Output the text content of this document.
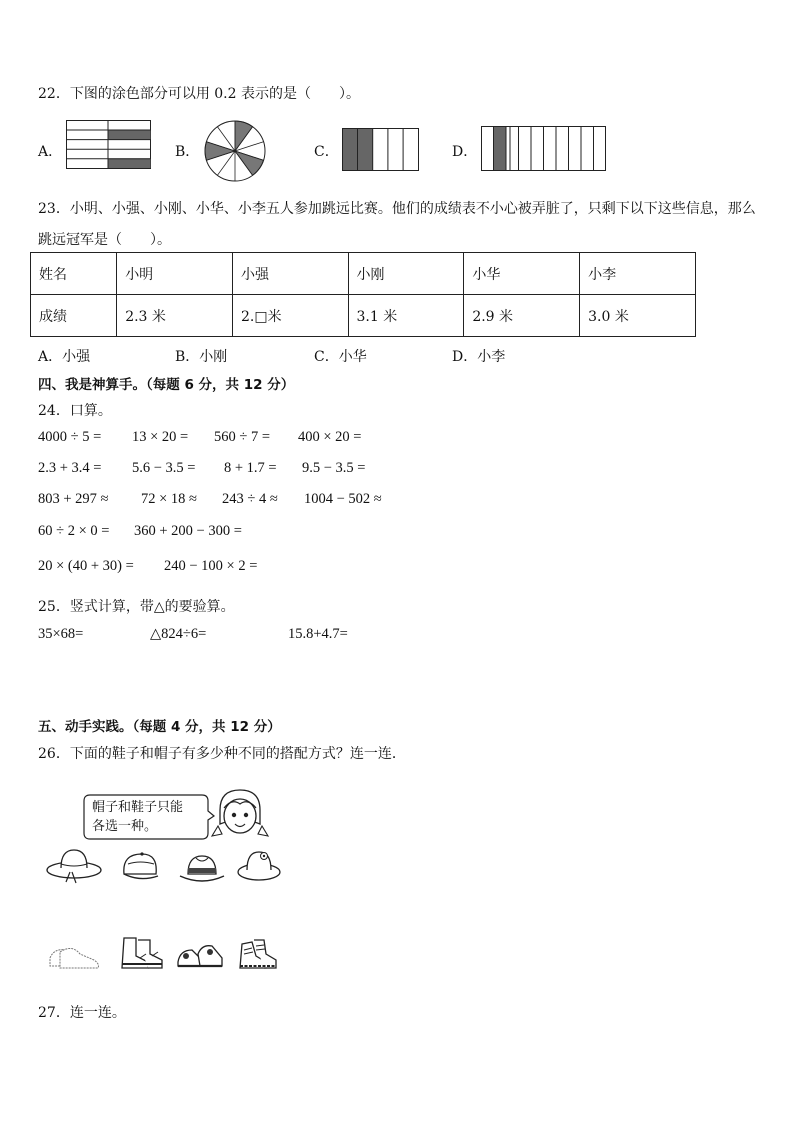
22．下图的涂色部分可以用 0.2 表示的是（　　）。
A．	B．	C．	D．
23．小明、小强、小刚、小华、小李五人参加跳远比赛。他们的成绩表不小心被弄脏了，只剩下以下这些信息，那么
跳远冠军是（　　）。
姓名	小明	小强	小刚	小华	小李
成绩	2.3 米	2.□米	3.1 米	2.9 米	3.0 米
A．小强	B．小刚	C．小华	D．小李
四、我是神算手。（每题 6 分，共 12 分）
24．口算。
4000 ÷ 5 = 13 × 20 = 560 ÷ 7 = 400 × 20 =
2.3 + 3.4 = 5.6 − 3.5 = 8 + 1.7 = 9.5 − 3.5 =
803 + 297 ≈ 72 × 18 ≈ 243 ÷ 4 ≈ 1004 − 502 ≈
60 ÷ 2 × 0 = 360 + 200 − 300 =
20 × (40 + 30) = 240 − 100 × 2 =
25．竖式计算，带△的要验算。
35×68=	△824÷6=	15.8+4.7=
五、动手实践。（每题 4 分，共 12 分）
26．下面的鞋子和帽子有多少种不同的搭配方式？连一连．
帽子和鞋子只能
各选一种。
27．连一连。
